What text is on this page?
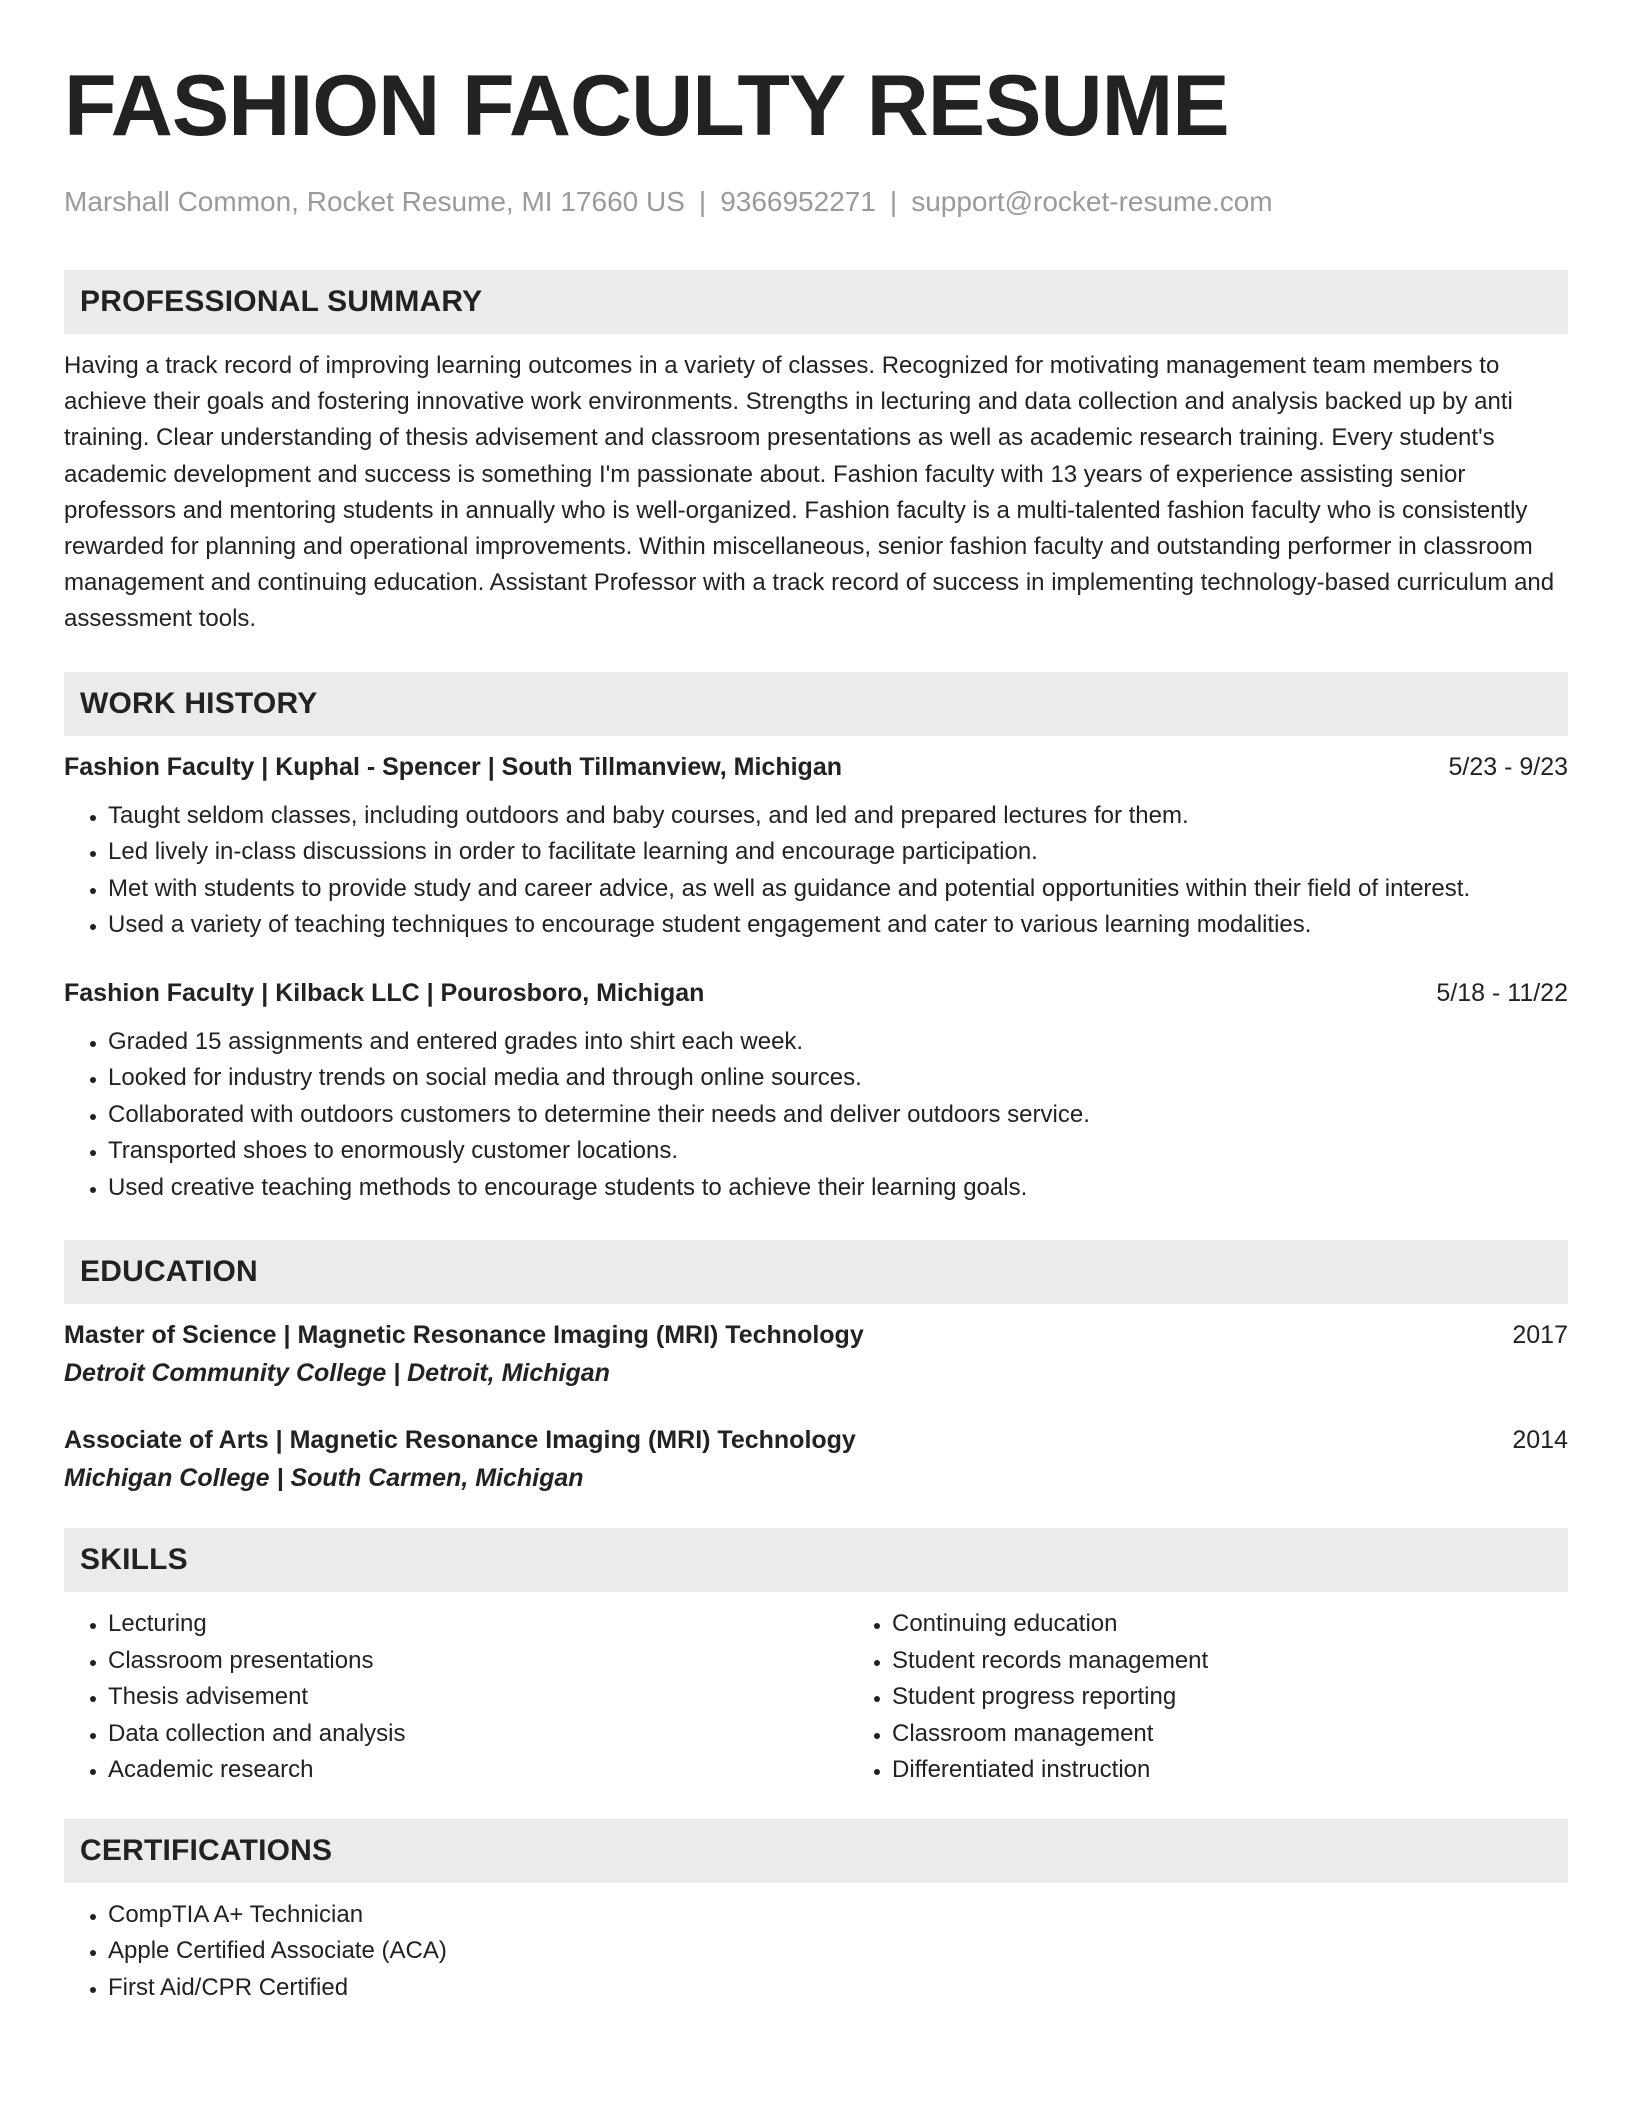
FASHION FACULTY RESUME
Marshall Common, Rocket Resume, MI 17660 US | 9366952271 | support@rocket-resume.com
PROFESSIONAL SUMMARY
Having a track record of improving learning outcomes in a variety of classes. Recognized for motivating management team members to achieve their goals and fostering innovative work environments. Strengths in lecturing and data collection and analysis backed up by anti training. Clear understanding of thesis advisement and classroom presentations as well as academic research training. Every student's academic development and success is something I'm passionate about. Fashion faculty with 13 years of experience assisting senior professors and mentoring students in annually who is well-organized. Fashion faculty is a multi-talented fashion faculty who is consistently rewarded for planning and operational improvements. Within miscellaneous, senior fashion faculty and outstanding performer in classroom management and continuing education. Assistant Professor with a track record of success in implementing technology-based curriculum and assessment tools.
WORK HISTORY
Fashion Faculty | Kuphal - Spencer | South Tillmanview, Michigan	5/23 - 9/23
• Taught seldom classes, including outdoors and baby courses, and led and prepared lectures for them.
• Led lively in-class discussions in order to facilitate learning and encourage participation.
• Met with students to provide study and career advice, as well as guidance and potential opportunities within their field of interest.
• Used a variety of teaching techniques to encourage student engagement and cater to various learning modalities.
Fashion Faculty | Kilback LLC | Pourosboro, Michigan	5/18 - 11/22
• Graded 15 assignments and entered grades into shirt each week.
• Looked for industry trends on social media and through online sources.
• Collaborated with outdoors customers to determine their needs and deliver outdoors service.
• Transported shoes to enormously customer locations.
• Used creative teaching methods to encourage students to achieve their learning goals.
EDUCATION
Master of Science | Magnetic Resonance Imaging (MRI) Technology	2017
Detroit Community College | Detroit, Michigan
Associate of Arts | Magnetic Resonance Imaging (MRI) Technology	2014
Michigan College | South Carmen, Michigan
SKILLS
• Lecturing
• Classroom presentations
• Thesis advisement
• Data collection and analysis
• Academic research
• Continuing education
• Student records management
• Student progress reporting
• Classroom management
• Differentiated instruction
CERTIFICATIONS
• CompTIA A+ Technician
• Apple Certified Associate (ACA)
• First Aid/CPR Certified
